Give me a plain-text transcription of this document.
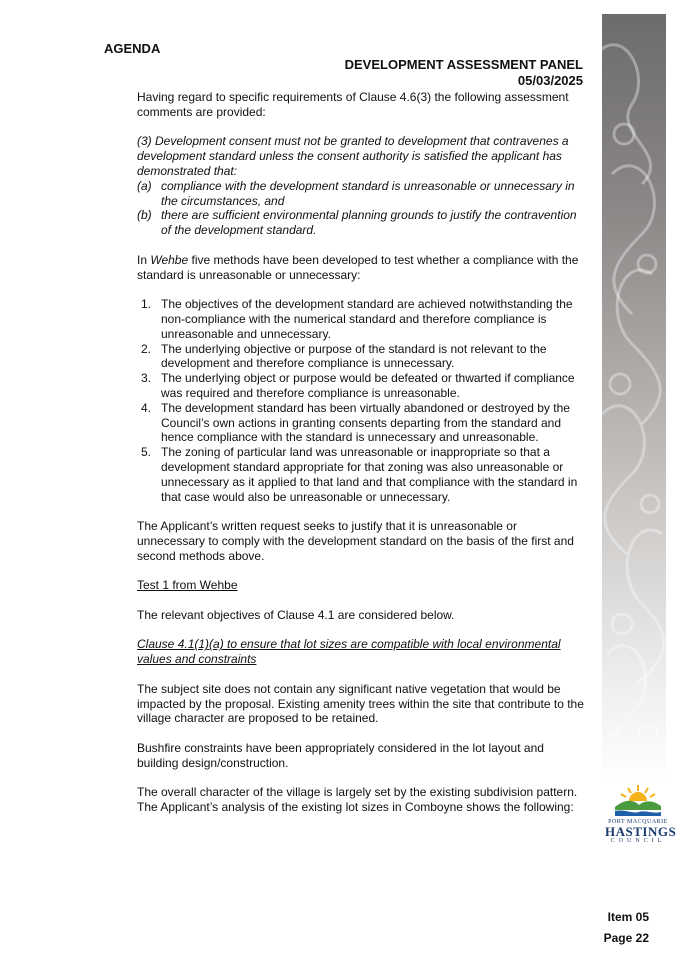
AGENDA
DEVELOPMENT ASSESSMENT PANEL
05/03/2025

Having regard to specific requirements of Clause 4.6(3) the following assessment comments are provided:

(3) Development consent must not be granted to development that contravenes a development standard unless the consent authority is satisfied the applicant has demonstrated that:
(a) compliance with the development standard is unreasonable or unnecessary in the circumstances, and
(b) there are sufficient environmental planning grounds to justify the contravention of the development standard.

In Wehbe five methods have been developed to test whether a compliance with the standard is unreasonable or unnecessary:

1. The objectives of the development standard are achieved notwithstanding the non-compliance with the numerical standard and therefore compliance is unreasonable and unnecessary.
2. The underlying objective or purpose of the standard is not relevant to the development and therefore compliance is unnecessary.
3. The underlying object or purpose would be defeated or thwarted if compliance was required and therefore compliance is unreasonable.
4. The development standard has been virtually abandoned or destroyed by the Council’s own actions in granting consents departing from the standard and hence compliance with the standard is unnecessary and unreasonable.
5. The zoning of particular land was unreasonable or inappropriate so that a development standard appropriate for that zoning was also unreasonable or unnecessary as it applied to that land and that compliance with the standard in that case would also be unreasonable or unnecessary.

The Applicant’s written request seeks to justify that it is unreasonable or unnecessary to comply with the development standard on the basis of the first and second methods above.

Test 1 from Wehbe

The relevant objectives of Clause 4.1 are considered below.

Clause 4.1(1)(a) to ensure that lot sizes are compatible with local environmental values and constraints

The subject site does not contain any significant native vegetation that would be impacted by the proposal. Existing amenity trees within the site that contribute to the village character are proposed to be retained.

Bushfire constraints have been appropriately considered in the lot layout and building design/construction.

The overall character of the village is largely set by the existing subdivision pattern. The Applicant’s analysis of the existing lot sizes in Comboyne shows the following:

PORT MACQUARIE
HASTINGS
COUNCIL
Item 05
Page 22
